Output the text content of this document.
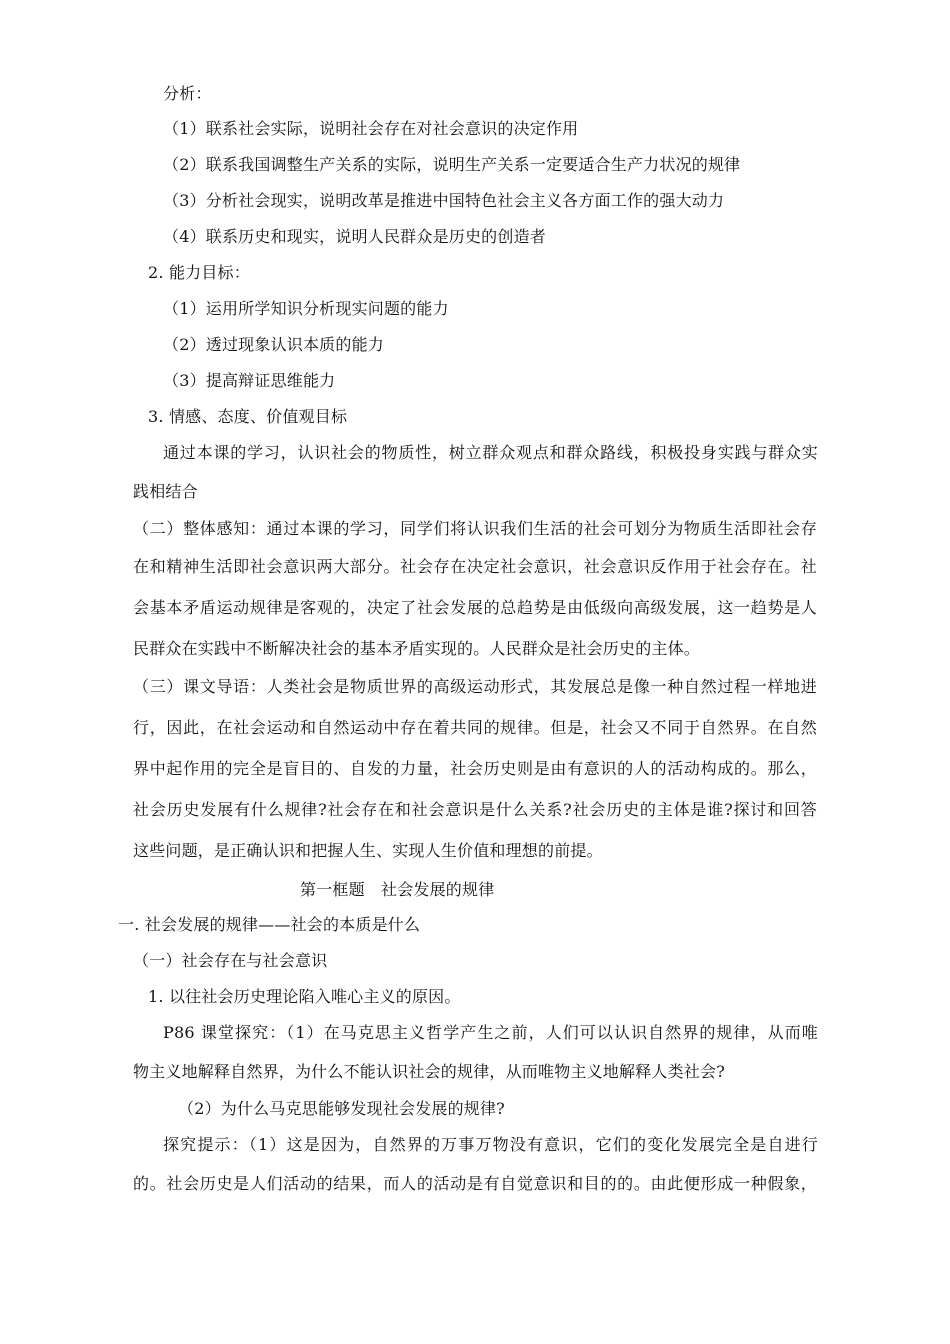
分析：
（1）联系社会实际，说明社会存在对社会意识的决定作用
（2）联系我国调整生产关系的实际，说明生产关系一定要适合生产力状况的规律
（3）分析社会现实，说明改革是推进中国特色社会主义各方面工作的强大动力
（4）联系历史和现实，说明人民群众是历史的创造者
2. 能力目标：
（1）运用所学知识分析现实问题的能力
（2）透过现象认识本质的能力
（3）提高辩证思维能力
3. 情感、态度、价值观目标
通过本课的学习，认识社会的物质性，树立群众观点和群众路线，积极投身实践与群众实
践相结合
（二）整体感知：通过本课的学习，同学们将认识我们生活的社会可划分为物质生活即社会存
在和精神生活即社会意识两大部分。社会存在决定社会意识，社会意识反作用于社会存在。社
会基本矛盾运动规律是客观的，决定了社会发展的总趋势是由低级向高级发展，这一趋势是人
民群众在实践中不断解决社会的基本矛盾实现的。人民群众是社会历史的主体。
（三）课文导语：人类社会是物质世界的高级运动形式，其发展总是像一种自然过程一样地进
行，因此，在社会运动和自然运动中存在着共同的规律。但是，社会又不同于自然界。在自然
界中起作用的完全是盲目的、自发的力量，社会历史则是由有意识的人的活动构成的。那么，
社会历史发展有什么规律?社会存在和社会意识是什么关系?社会历史的主体是谁?探讨和回答
这些问题，是正确认识和把握人生、实现人生价值和理想的前提。
第一框题　社会发展的规律
一. 社会发展的规律——社会的本质是什么
（一）社会存在与社会意识
1. 以往社会历史理论陷入唯心主义的原因。
P86 课堂探究：（1）在马克思主义哲学产生之前，人们可以认识自然界的规律，从而唯
物主义地解释自然界，为什么不能认识社会的规律，从而唯物主义地解释人类社会?
（2）为什么马克思能够发现社会发展的规律?
探究提示：（1）这是因为，自然界的万事万物没有意识，它们的变化发展完全是自进行
的。社会历史是人们活动的结果，而人的活动是有自觉意识和目的的。由此便形成一种假象，
